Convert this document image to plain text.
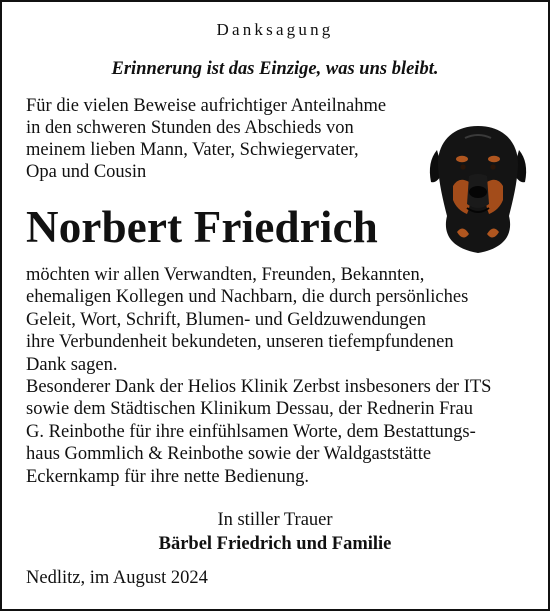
Danksagung
Erinnerung ist das Einzige, was uns bleibt.
Für die vielen Beweise aufrichtiger Anteilnahme
in den schweren Stunden des Abschieds von
meinem lieben Mann, Vater, Schwiegervater,
Opa und Cousin
Norbert Friedrich
möchten wir allen Verwandten, Freunden, Bekannten,
ehemaligen Kollegen und Nachbarn, die durch persönliches
Geleit, Wort, Schrift, Blumen- und Geldzuwendungen
ihre Verbundenheit bekundeten, unseren tiefempfundenen
Dank sagen.
Besonderer Dank der Helios Klinik Zerbst insbesoners der ITS
sowie dem Städtischen Klinikum Dessau, der Rednerin Frau
G. Reinbothe für ihre einfühlsamen Worte, dem Bestattungs-
haus Gommlich & Reinbothe sowie der Waldgaststätte
Eckernkamp für ihre nette Bedienung.
In stiller Trauer
Bärbel Friedrich und Familie
Nedlitz, im August 2024
